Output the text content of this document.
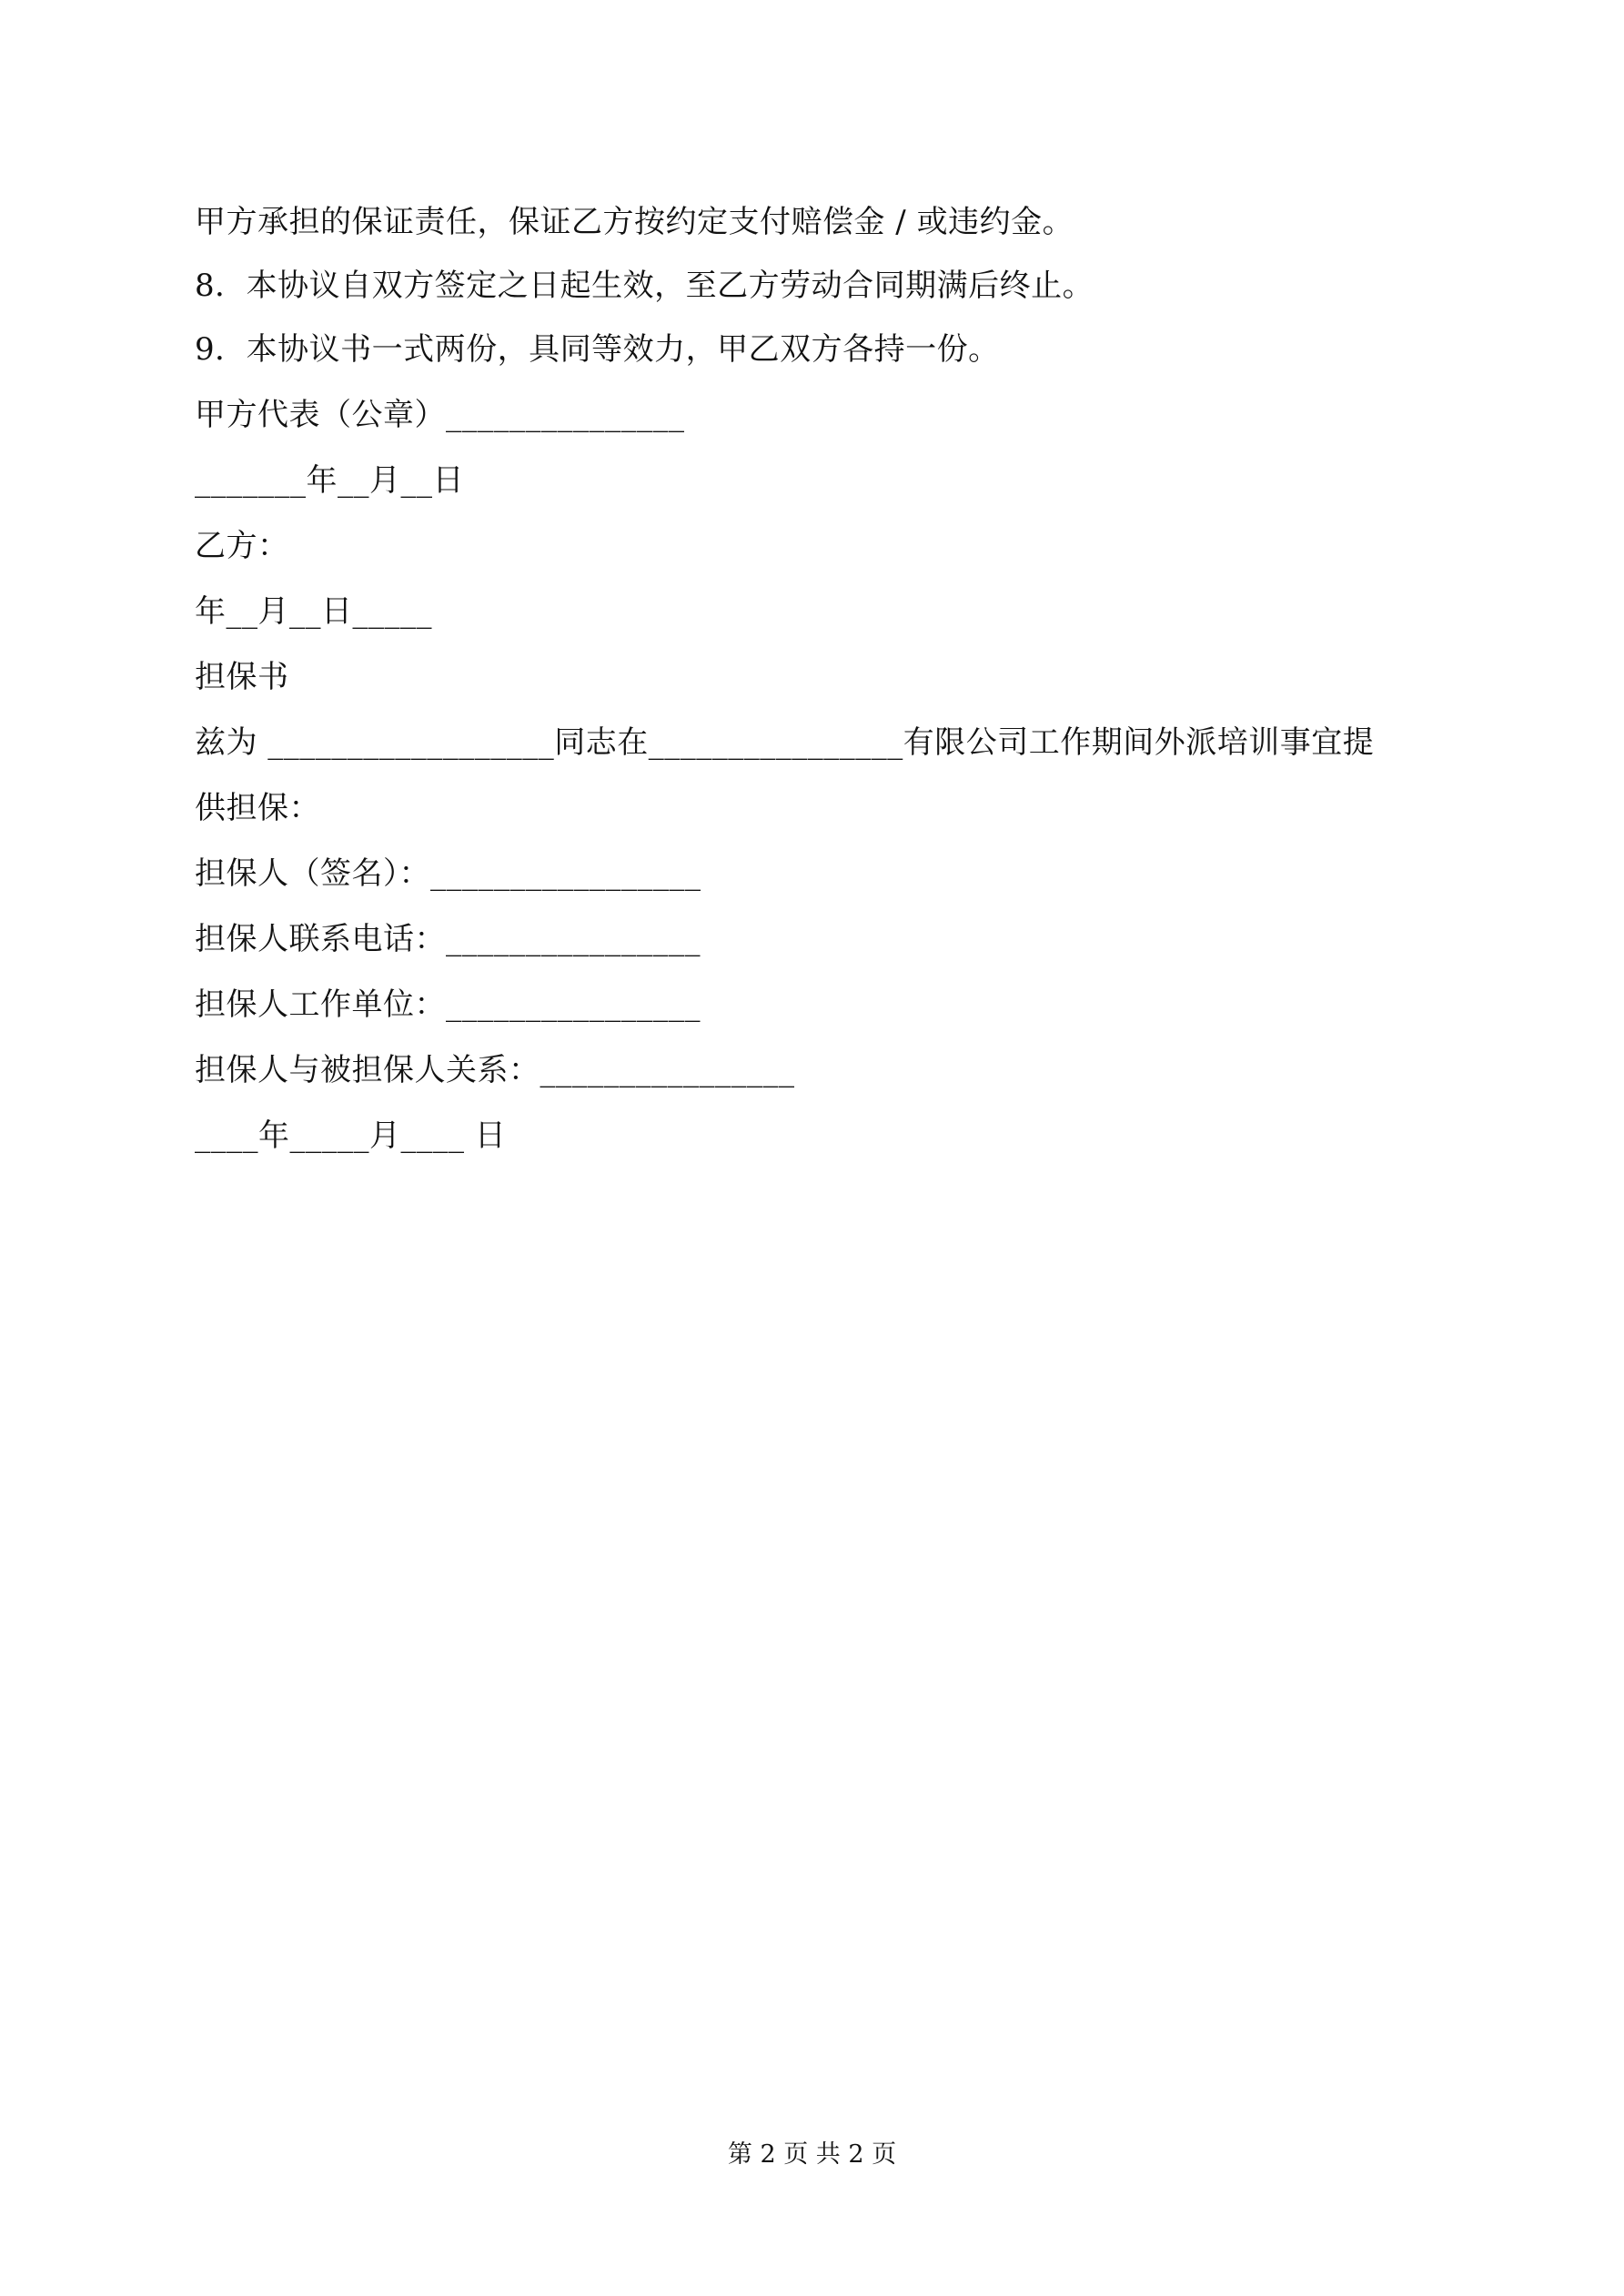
甲方承担的保证责任，保证乙方按约定支付赔偿金 / 或违约金。
8．本协议自双方签定之日起生效，至乙方劳动合同期满后终止。
9．本协议书一式两份，具同等效力，甲乙双方各持一份。
甲方代表（公章）_______________
_______年__月__日
乙方：
年__月__日_____
担保书
兹为 __________________同志在________________有限公司工作期间外派培训事宜提
供担保：
担保人（签名）：_________________
担保人联系电话：________________
担保人工作单位：________________
担保人与被担保人关系：________________
____年_____月____ 日
第 2 页 共 2 页
